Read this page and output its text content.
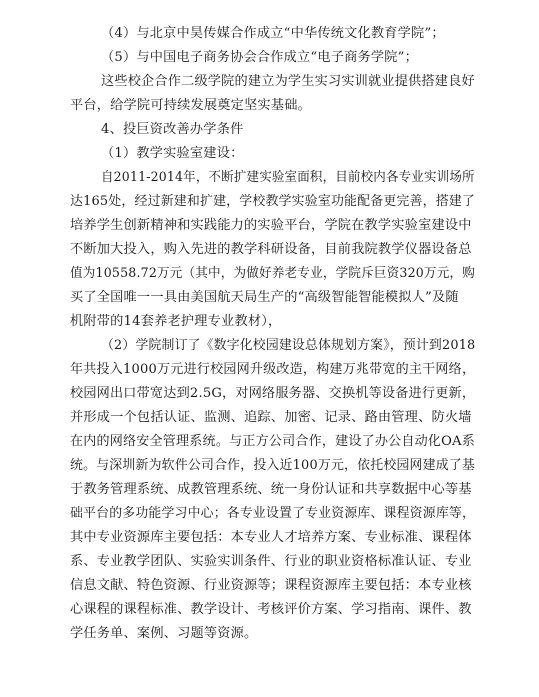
（4）与北京中昊传媒合作成立“中华传统文化教育学院”；
（5）与中国电子商务协会合作成立“电子商务学院”；
这些校企合作二级学院的建立为学生实习实训就业提供搭建良好
平台，给学院可持续发展奠定坚实基础。
4、投巨资改善办学条件
（1）教学实验室建设：
自2011-2014年，不断扩建实验室面积，目前校内各专业实训场所
达165处，经过新建和扩建，学校教学实验室功能配备更完善，搭建了
培养学生创新精神和实践能力的实验平台，学院在教学实验室建设中
不断加大投入，购入先进的教学科研设备，目前我院教学仪器设备总
值为10558.72万元（其中，为做好养老专业，学院斥巨资320万元，购
买了全国唯一一具由美国航天局生产的“高级智能智能模拟人”及随
机附带的14套养老护理专业教材），
（2）学院制订了《数字化校园建设总体规划方案》，预计到2018
年共投入1000万元进行校园网升级改造，构建万兆带宽的主干网络，
校园网出口带宽达到2.5G，对网络服务器、交换机等设备进行更新，
并形成一个包括认证、监测、追踪、加密、记录、路由管理、防火墙
在内的网络安全管理系统。与正方公司合作，建设了办公自动化OA系
统。与深圳新为软件公司合作，投入近100万元，依托校园网建成了基
于教务管理系统、成教管理系统、统一身份认证和共享数据中心等基
础平台的多功能学习中心；各专业设置了专业资源库、课程资源库等，
其中专业资源库主要包括：本专业人才培养方案、专业标准、课程体
系、专业教学团队、实验实训条件、行业的职业资格标准认证、专业
信息文献、特色资源、行业资源等；课程资源库主要包括：本专业核
心课程的课程标准、教学设计、考核评价方案、学习指南、课件、教
学任务单、案例、习题等资源。
